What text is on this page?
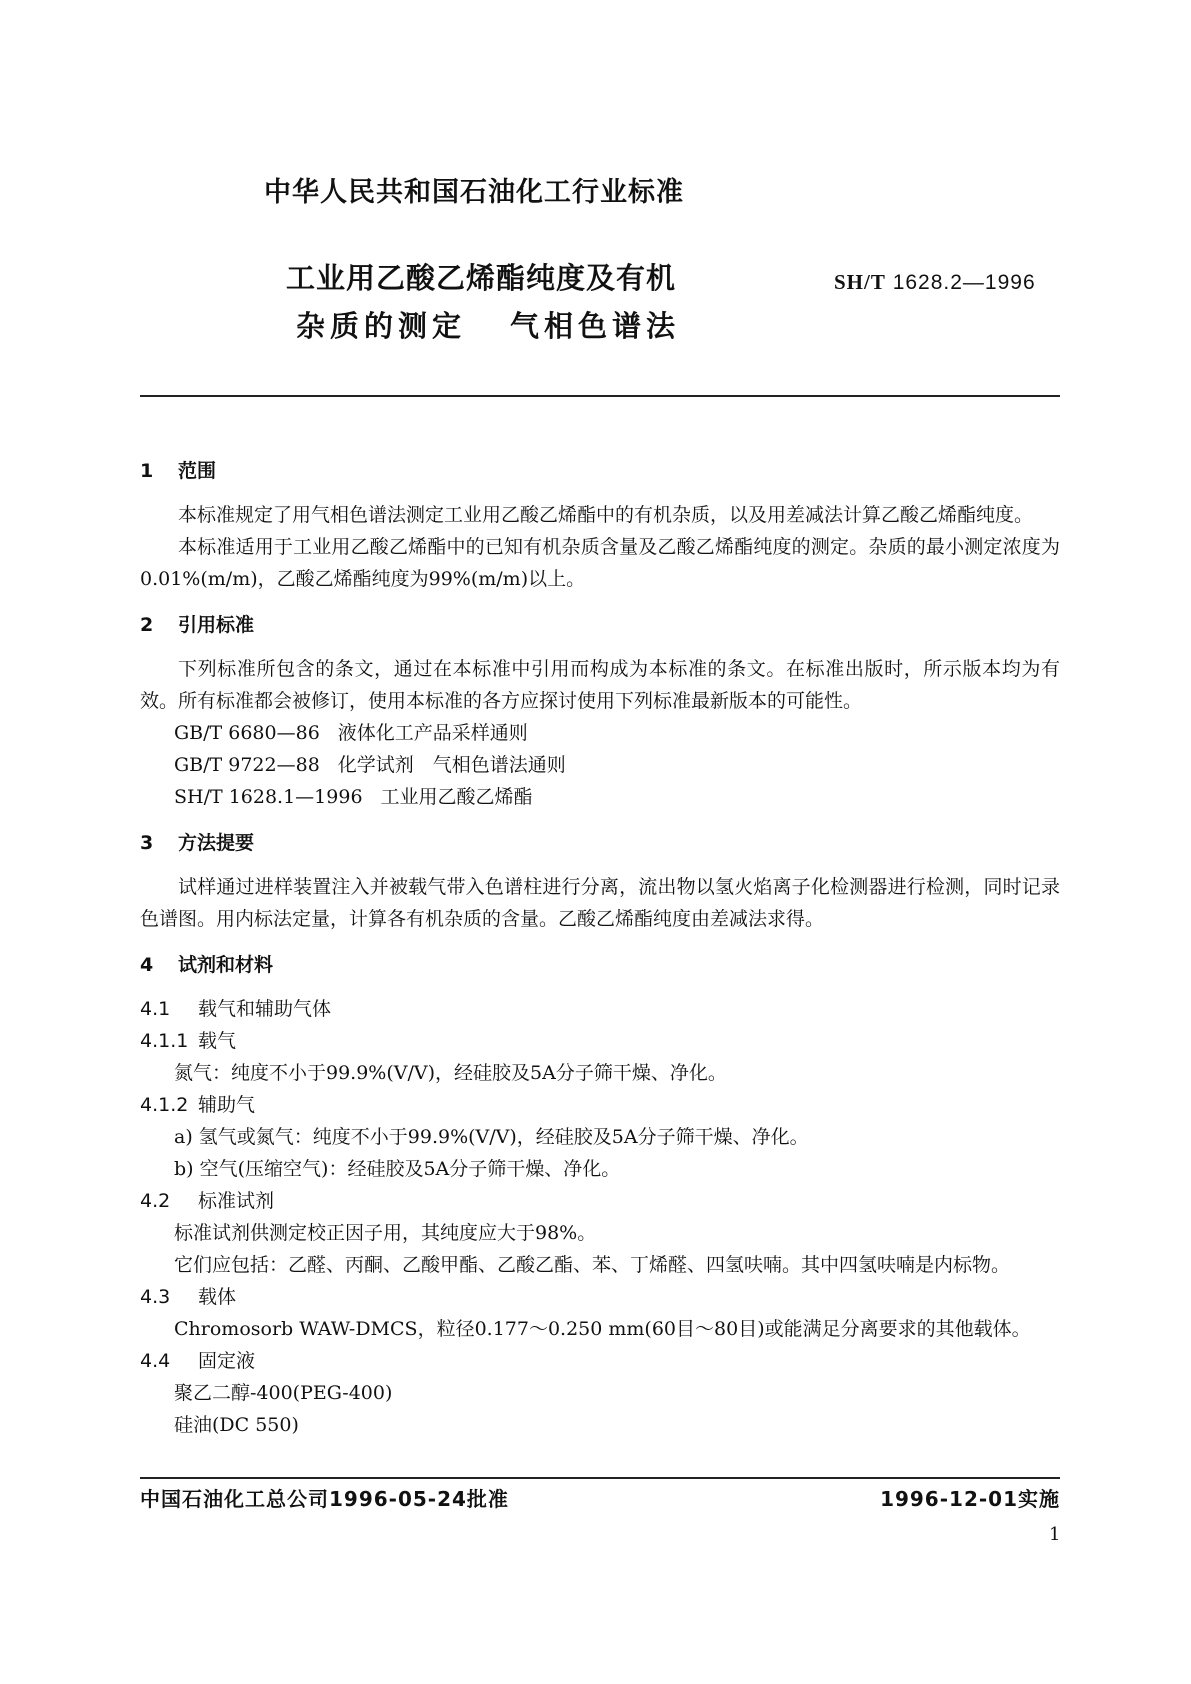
中华人民共和国石油化工行业标准
工业用乙酸乙烯酯纯度及有机
杂质的测定 气相色谱法
SH/T 1628.2—1996
1 范围

本标准规定了用气相色谱法测定工业用乙酸乙烯酯中的有机杂质，以及用差减法计算乙酸乙烯酯纯度。

本标准适用于工业用乙酸乙烯酯中的已知有机杂质含量及乙酸乙烯酯纯度的测定。杂质的最小测定浓度为0.01%(m/m)，乙酸乙烯酯纯度为99%(m/m)以上。

2 引用标准

下列标准所包含的条文，通过在本标准中引用而构成为本标准的条文。在标准出版时，所示版本均为有效。所有标准都会被修订，使用本标准的各方应探讨使用下列标准最新版本的可能性。

GB/T 6680—86 液体化工产品采样通则
GB/T 9722—88 化学试剂　气相色谱法通则
SH/T 1628.1—1996 工业用乙酸乙烯酯
3 方法提要

试样通过进样装置注入并被载气带入色谱柱进行分离，流出物以氢火焰离子化检测器进行检测，同时记录色谱图。用内标法定量，计算各有机杂质的含量。乙酸乙烯酯纯度由差减法求得。

4 试剂和材料
4.1 载气和辅助气体
4.1.1 载气
氮气：纯度不小于99.9%(V/V)，经硅胶及5A分子筛干燥、净化。
4.1.2 辅助气
a) 氢气或氮气：纯度不小于99.9%(V/V)，经硅胶及5A分子筛干燥、净化。
b) 空气(压缩空气)：经硅胶及5A分子筛干燥、净化。
4.2 标准试剂
标准试剂供测定校正因子用，其纯度应大于98%。
它们应包括：乙醛、丙酮、乙酸甲酯、乙酸乙酯、苯、丁烯醛、四氢呋喃。其中四氢呋喃是内标物。
4.3 载体
Chromosorb WAW-DMCS，粒径0.177～0.250 mm(60目～80目)或能满足分离要求的其他载体。
4.4 固定液
聚乙二醇-400(PEG-400)
硅油(DC 550)
中国石油化工总公司1996-05-24批准	1996-12-01实施
1
